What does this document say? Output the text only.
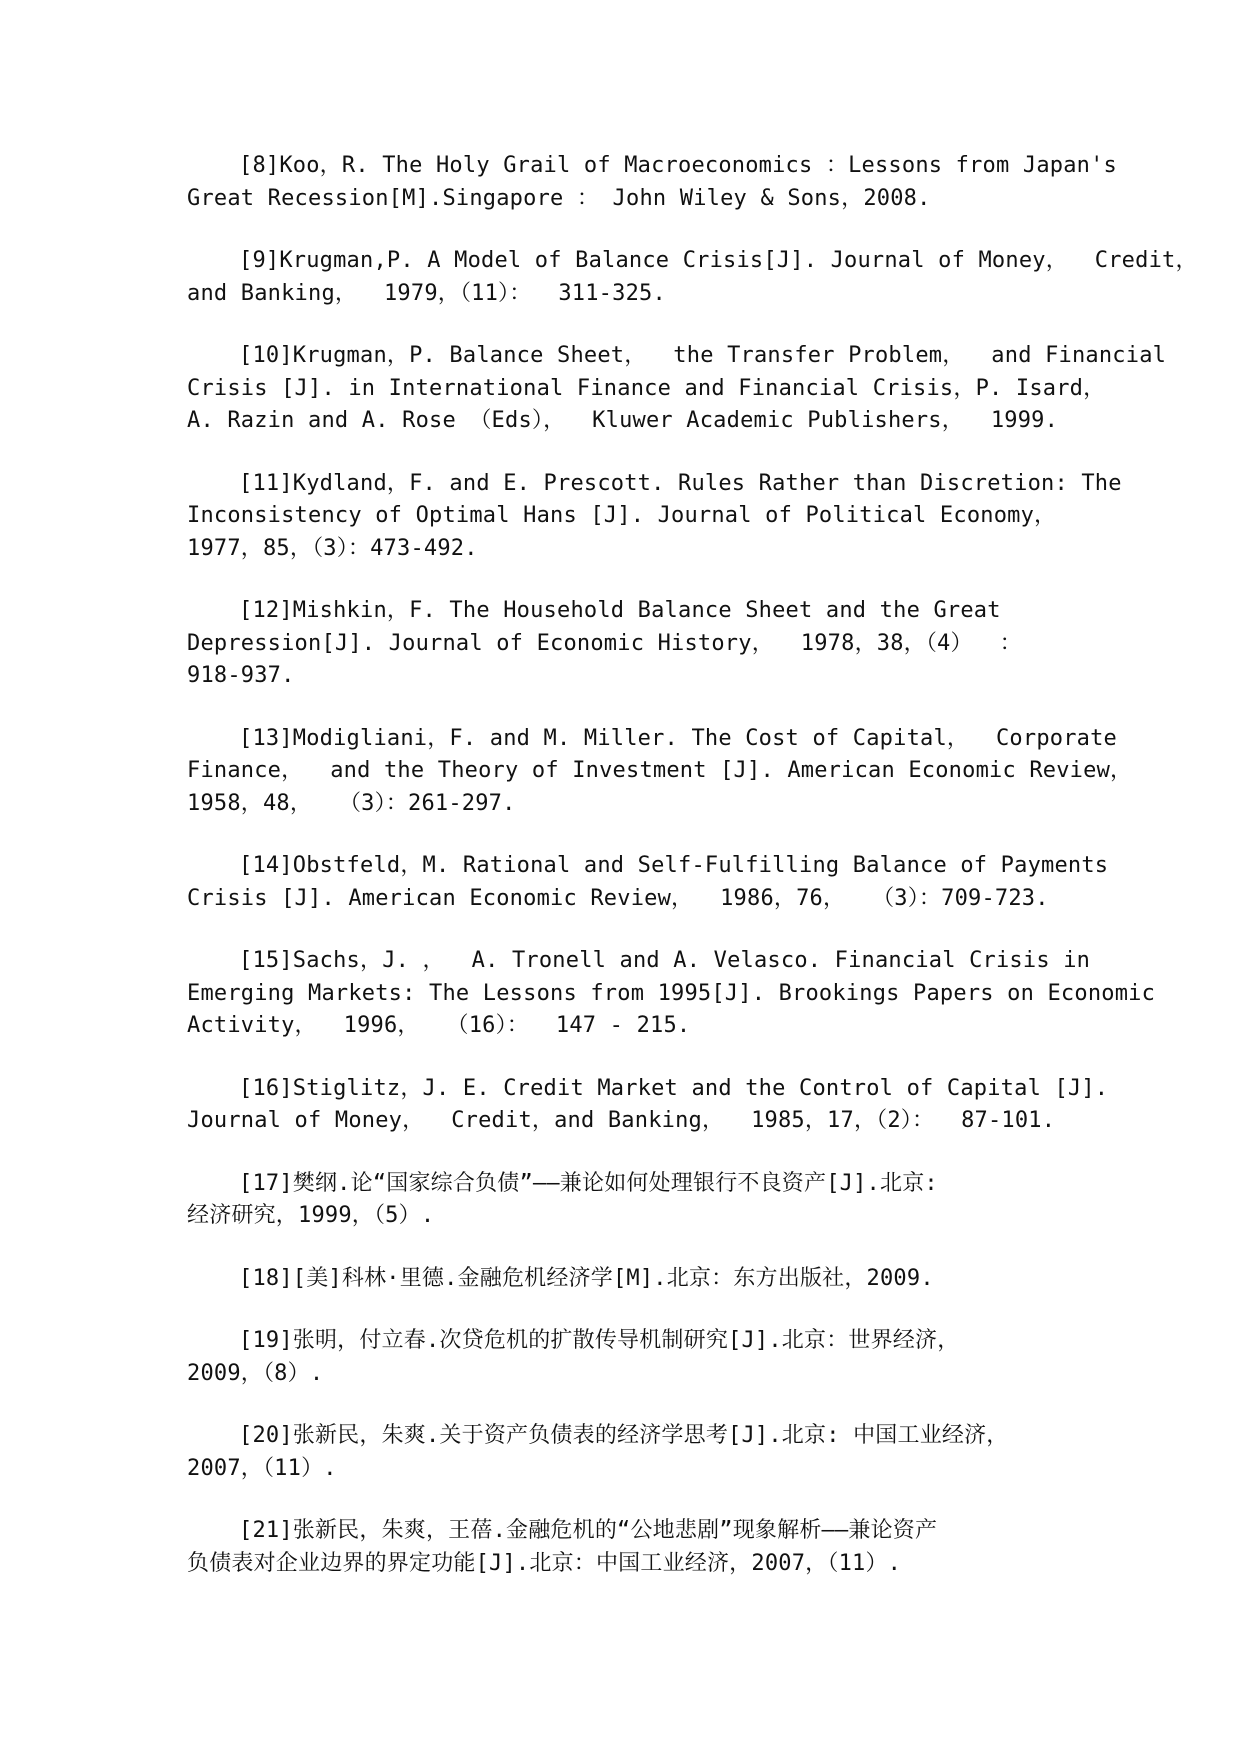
[8]Koo，R. The Holy Grail of Macroeconomics ：Lessons from Japan's
Great Recession[M].Singapore ： John Wiley & Sons，2008.
[9]Krugman,P. A Model of Balance Crisis[J]. Journal of Money，  Credit，
and Banking，  1979，（11）：  311-325.
[10]Krugman，P. Balance Sheet，  the Transfer Problem，  and Financial
Crisis [J]. in International Finance and Financial Crisis，P. Isard，
A. Razin and A. Rose （Eds），  Kluwer Academic Publishers，  1999.
[11]Kydland，F. and E. Prescott. Rules Rather than Discretion: The
Inconsistency of Optimal Hans [J]. Journal of Political Economy，
1977，85，（3）：473-492.
[12]Mishkin，F. The Household Balance Sheet and the Great
Depression[J]. Journal of Economic History，  1978，38，（4）  ：
918-937.
[13]Modigliani，F. and M. Miller. The Cost of Capital，  Corporate
Finance，  and the Theory of Investment [J]. American Economic Review，
1958，48，  （3）：261-297.
[14]Obstfeld，M. Rational and Self-Fulfilling Balance of Payments
Crisis [J]. American Economic Review，  1986，76，  （3）：709-723.
[15]Sachs，J. ，  A. Tronell and A. Velasco. Financial Crisis in
Emerging Markets: The Lessons from 1995[J]. Brookings Papers on Economic
Activity，  1996，  （16）：  147 - 215.
[16]Stiglitz，J. E. Credit Market and the Control of Capital [J].
Journal of Money，  Credit，and Banking，  1985，17，（2）：  87-101.
[17]樊纲.论“国家综合负债”——兼论如何处理银行不良资产[J].北京:
经济研究，1999，（5）.
[18][美]科林·里德.金融危机经济学[M].北京：东方出版社，2009.
[19]张明，付立春.次贷危机的扩散传导机制研究[J].北京：世界经济，
2009，（8）.
[20]张新民，朱爽.关于资产负债表的经济学思考[J].北京: 中国工业经济，
2007，（11）.
[21]张新民，朱爽，王蓓.金融危机的“公地悲剧”现象解析——兼论资产
负债表对企业边界的界定功能[J].北京：中国工业经济，2007，（11）.
